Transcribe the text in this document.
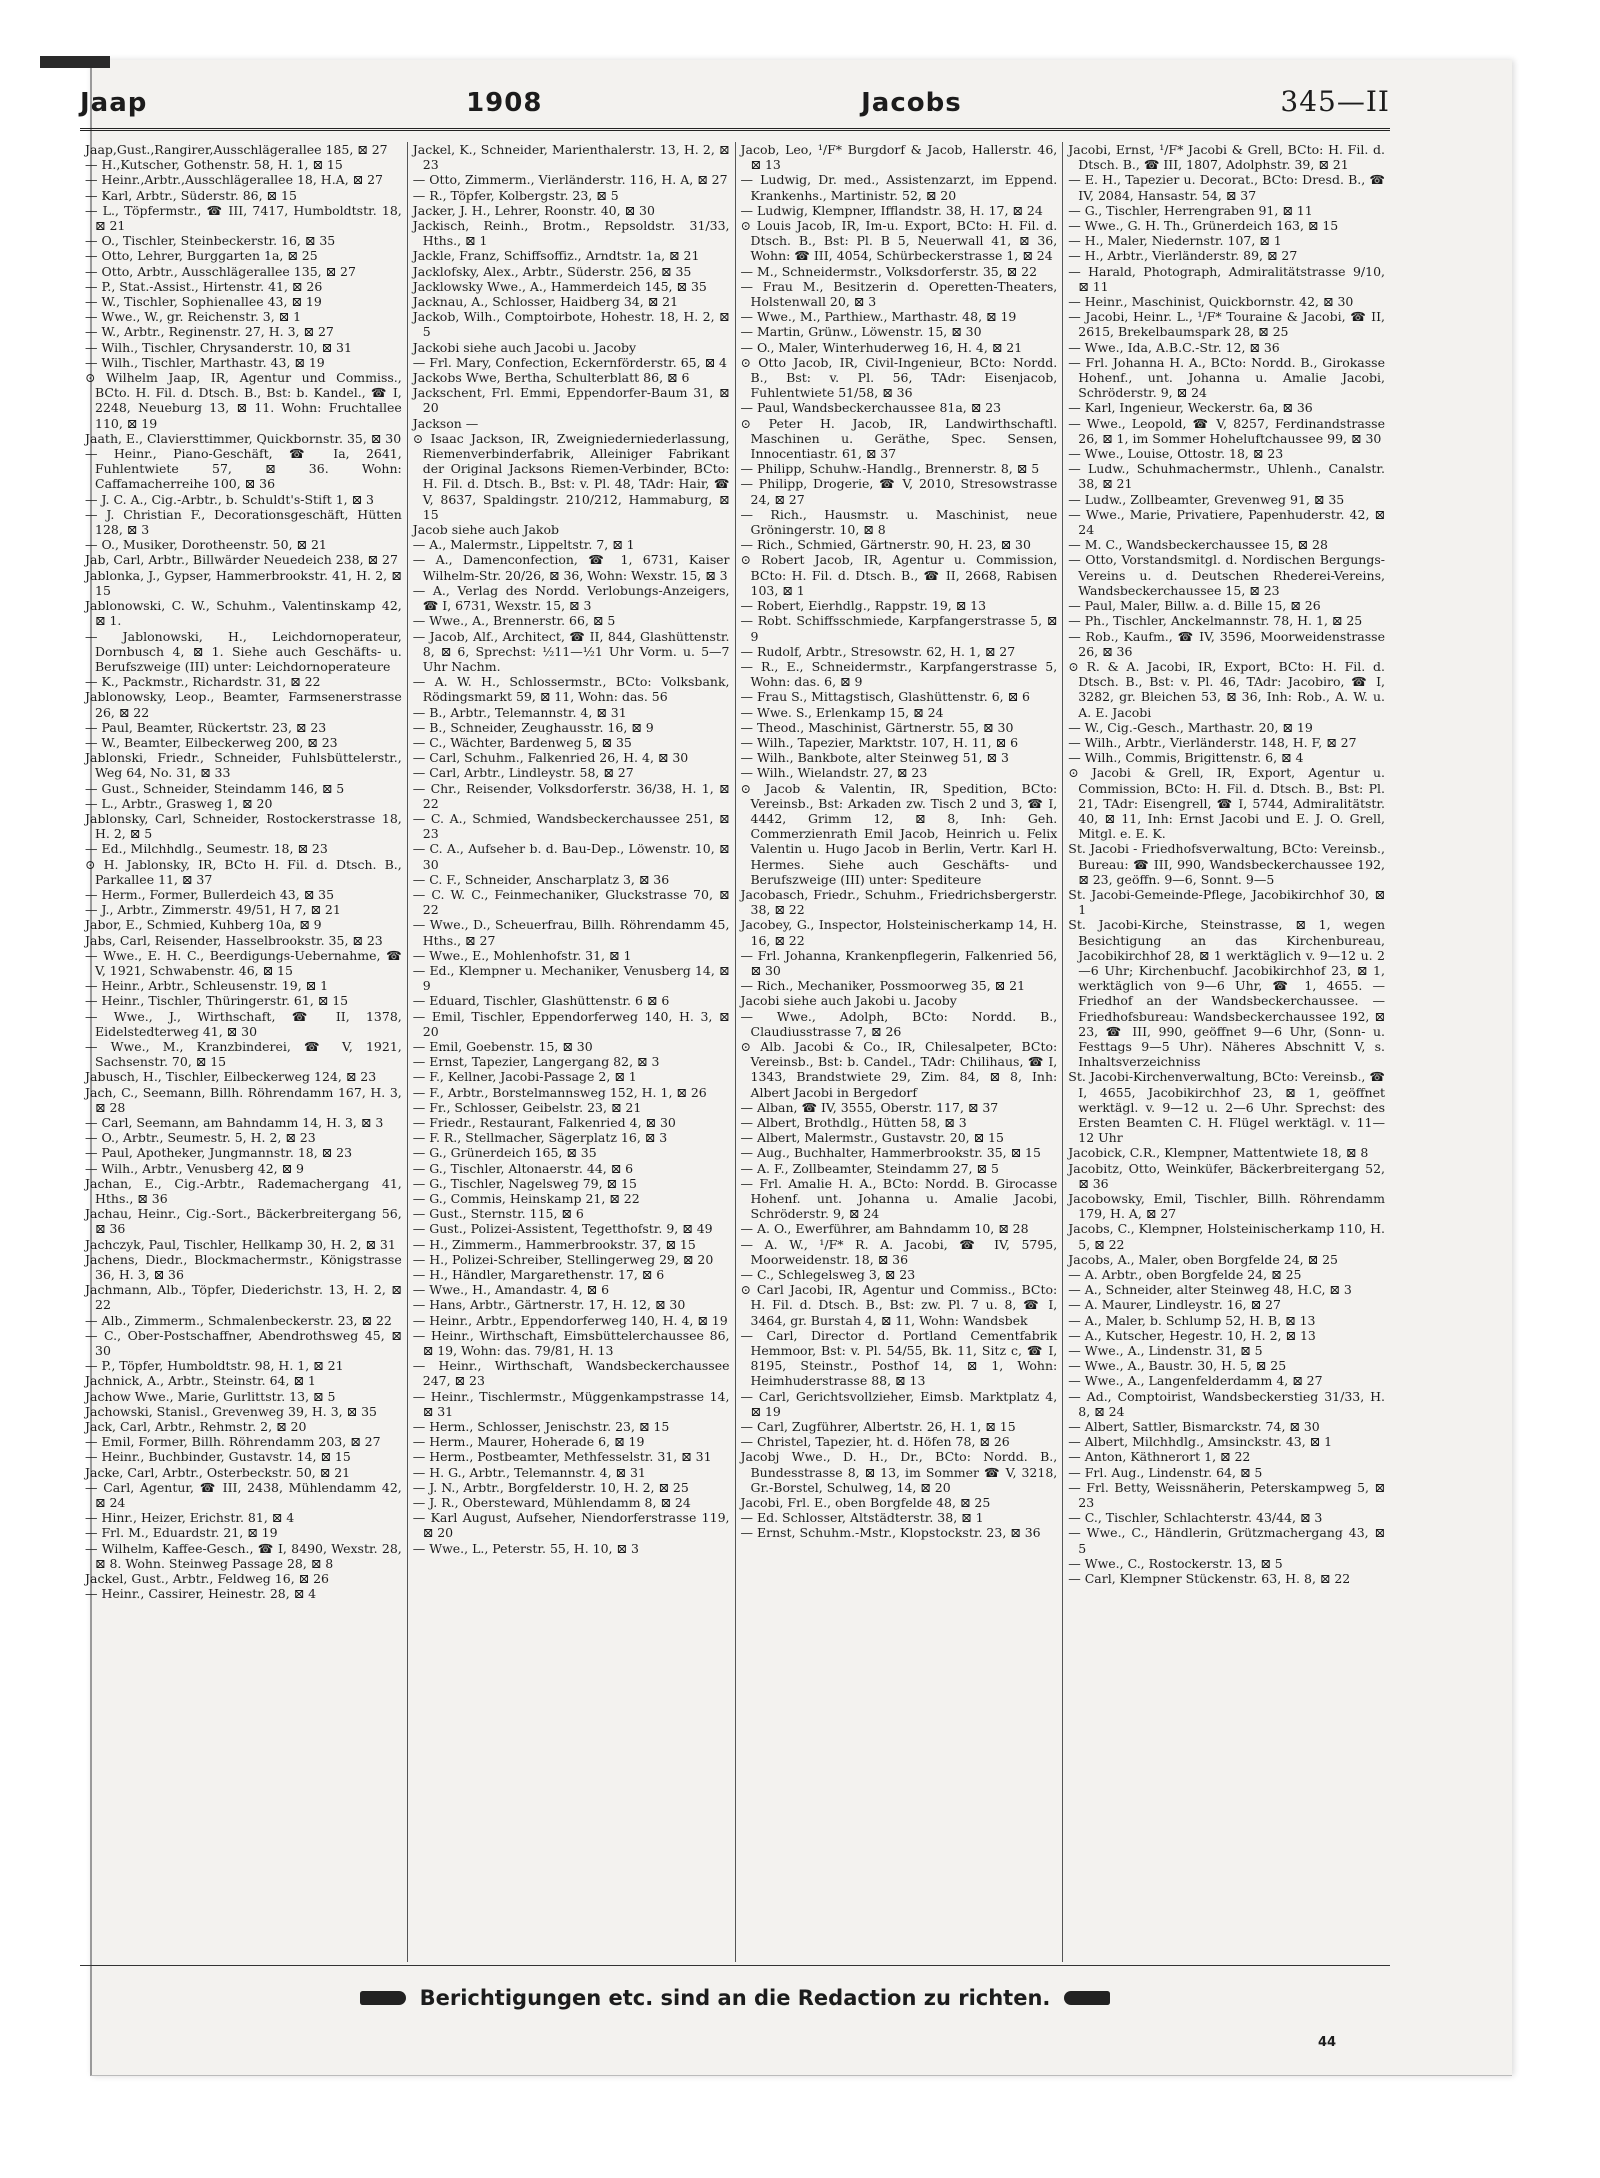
Jaap	1908	Jacobs	345—II

Jaap,Gust.,Rangirer,Ausschlägerallee 185, ⊠ 27

— H.,Kutscher, Gothenstr. 58, H. 1, ⊠ 15

— Heinr.,Arbtr.,Ausschlägerallee 18, H.A, ⊠ 27

— Karl, Arbtr., Süderstr. 86, ⊠ 15

— L., Töpfermstr., ☎ III, 7417, Humboldtstr. 18, ⊠ 21

— O., Tischler, Steinbeckerstr. 16, ⊠ 35

— Otto, Lehrer, Burggarten 1a, ⊠ 25

— Otto, Arbtr., Ausschlägerallee 135, ⊠ 27

— P., Stat.-Assist., Hirtenstr. 41, ⊠ 26

— W., Tischler, Sophienallee 43, ⊠ 19

— Wwe., W., gr. Reichenstr. 3, ⊠ 1

— W., Arbtr., Reginenstr. 27, H. 3, ⊠ 27

— Wilh., Tischler, Chrysanderstr. 10, ⊠ 31

— Wilh., Tischler, Marthastr. 43, ⊠ 19

⊙ Wilhelm Jaap, IR, Agentur und Commiss., BCto. H. Fil. d. Dtsch. B., Bst: b. Kandel., ☎ I, 2248, Neueburg 13, ⊠ 11. Wohn: Fruchtallee 110, ⊠ 19

Jaath, E., Claviersttimmer, Quickbornstr. 35, ⊠ 30

— Heinr., Piano-Geschäft, ☎ Ia, 2641, Fuhlentwiete 57, ⊠ 36. Wohn: Caffamacherreihe 100, ⊠ 36

— J. C. A., Cig.-Arbtr., b. Schuldt's-Stift 1, ⊠ 3

— J. Christian F., Decorationsgeschäft, Hütten 128, ⊠ 3

— O., Musiker, Dorotheenstr. 50, ⊠ 21

Jab, Carl, Arbtr., Billwärder Neuedeich 238, ⊠ 27

Jablonka, J., Gypser, Hammerbrookstr. 41, H. 2, ⊠ 15

Jablonowski, C. W., Schuhm., Valentinskamp 42, ⊠ 1.

— Jablonowski, H., Leichdornoperateur, Dornbusch 4, ⊠ 1. Siehe auch Geschäfts- u. Berufszweige (III) unter: Leichdornoperateure

— K., Packmstr., Richardstr. 31, ⊠ 22

Jablonowsky, Leop., Beamter, Farmsenerstrasse 26, ⊠ 22

— Paul, Beamter, Rückertstr. 23, ⊠ 23

— W., Beamter, Eilbeckerweg 200, ⊠ 23

Jablonski, Friedr., Schneider, Fuhlsbüttelerstr., Weg 64, No. 31, ⊠ 33

— Gust., Schneider, Steindamm 146, ⊠ 5

— L., Arbtr., Grasweg 1, ⊠ 20

Jablonsky, Carl, Schneider, Rostockerstrasse 18, H. 2, ⊠ 5

— Ed., Milchhdlg., Seumestr. 18, ⊠ 23

⊙ H. Jablonsky, IR, BCto H. Fil. d. Dtsch. B., Parkallee 11, ⊠ 37

— Herm., Former, Bullerdeich 43, ⊠ 35

— J., Arbtr., Zimmerstr. 49/51, H 7, ⊠ 21

Jabor, E., Schmied, Kuhberg 10a, ⊠ 9

Jabs, Carl, Reisender, Hasselbrookstr. 35, ⊠ 23

— Wwe., E. H. C., Beerdigungs-Uebernahme, ☎ V, 1921, Schwabenstr. 46, ⊠ 15

— Heinr., Arbtr., Schleusenstr. 19, ⊠ 1

— Heinr., Tischler, Thüringerstr. 61, ⊠ 15

— Wwe., J., Wirthschaft, ☎ II, 1378, Eidelstedterweg 41, ⊠ 30

— Wwe., M., Kranzbinderei, ☎ V, 1921, Sachsenstr. 70, ⊠ 15

Jabusch, H., Tischler, Eilbeckerweg 124, ⊠ 23

Jach, C., Seemann, Billh. Röhrendamm 167, H. 3, ⊠ 28

— Carl, Seemann, am Bahndamm 14, H. 3, ⊠ 3

— O., Arbtr., Seumestr. 5, H. 2, ⊠ 23

— Paul, Apotheker, Jungmannstr. 18, ⊠ 23

— Wilh., Arbtr., Venusberg 42, ⊠ 9

Jachan, E., Cig.-Arbtr., Rademachergang 41, Hths., ⊠ 36

Jachau, Heinr., Cig.-Sort., Bäckerbreitergang 56, ⊠ 36

Jachczyk, Paul, Tischler, Hellkamp 30, H. 2, ⊠ 31

Jachens, Diedr., Blockmachermstr., Königstrasse 36, H. 3, ⊠ 36

Jachmann, Alb., Töpfer, Diederichstr. 13, H. 2, ⊠ 22

— Alb., Zimmerm., Schmalenbeckerstr. 23, ⊠ 22

— C., Ober-Postschaffner, Abendrothsweg 45, ⊠ 30

— P., Töpfer, Humboldtstr. 98, H. 1, ⊠ 21

Jachnick, A., Arbtr., Steinstr. 64, ⊠ 1

Jachow Wwe., Marie, Gurlittstr. 13, ⊠ 5

Jachowski, Stanisl., Grevenweg 39, H. 3, ⊠ 35

Jack, Carl, Arbtr., Rehmstr. 2, ⊠ 20

— Emil, Former, Billh. Röhrendamm 203, ⊠ 27

— Heinr., Buchbinder, Gustavstr. 14, ⊠ 15

Jacke, Carl, Arbtr., Osterbeckstr. 50, ⊠ 21

— Carl, Agentur, ☎ III, 2438, Mühlendamm 42, ⊠ 24

— Hinr., Heizer, Erichstr. 81, ⊠ 4

— Frl. M., Eduardstr. 21, ⊠ 19

— Wilhelm, Kaffee-Gesch., ☎ I, 8490, Wexstr. 28, ⊠ 8. Wohn. Steinweg Passage 28, ⊠ 8

Jackel, Gust., Arbtr., Feldweg 16, ⊠ 26

— Heinr., Cassirer, Heinestr. 28, ⊠ 4

Jackel, K., Schneider, Marienthalerstr. 13, H. 2, ⊠ 23

— Otto, Zimmerm., Vierländerstr. 116, H. A, ⊠ 27

— R., Töpfer, Kolbergstr. 23, ⊠ 5

Jacker, J. H., Lehrer, Roonstr. 40, ⊠ 30

Jackisch, Reinh., Brotm., Repsoldstr. 31/33, Hths., ⊠ 1

Jackle, Franz, Schiffsoffiz., Arndtstr. 1a, ⊠ 21

Jacklofsky, Alex., Arbtr., Süderstr. 256, ⊠ 35

Jacklowsky Wwe., A., Hammerdeich 145, ⊠ 35

Jacknau, A., Schlosser, Haidberg 34, ⊠ 21

Jackob, Wilh., Comptoirbote, Hohestr. 18, H. 2, ⊠ 5

Jackobi siehe auch Jacobi u. Jacoby

— Frl. Mary, Confection, Eckernförderstr. 65, ⊠ 4

Jackobs Wwe, Bertha, Schulterblatt 86, ⊠ 6

Jackschent, Frl. Emmi, Eppendorfer-Baum 31, ⊠ 20

Jackson —

⊙ Isaac Jackson, IR, Zweigniederniederlassung, Riemenverbinderfabrik, Alleiniger Fabrikant der Original Jacksons Riemen-Verbinder, BCto: H. Fil. d. Dtsch. B., Bst: v. Pl. 48, TAdr: Hair, ☎ V, 8637, Spaldingstr. 210/212, Hammaburg, ⊠ 15

Jacob siehe auch Jakob

— A., Malermstr., Lippeltstr. 7, ⊠ 1

— A., Damenconfection, ☎ 1, 6731, Kaiser Wilhelm-Str. 20/26, ⊠ 36, Wohn: Wexstr. 15, ⊠ 3

— A., Verlag des Nordd. Verlobungs-Anzeigers, ☎ I, 6731, Wexstr. 15, ⊠ 3

— Wwe., A., Brennerstr. 66, ⊠ 5

— Jacob, Alf., Architect, ☎ II, 844, Glashüttenstr. 8, ⊠ 6, Sprechst: ½11—½1 Uhr Vorm. u. 5—7 Uhr Nachm.

— A. W. H., Schlossermstr., BCto: Volksbank, Rödingsmarkt 59, ⊠ 11, Wohn: das. 56

— B., Arbtr., Telemannstr. 4, ⊠ 31

— B., Schneider, Zeughausstr. 16, ⊠ 9

— C., Wächter, Bardenweg 5, ⊠ 35

— Carl, Schuhm., Falkenried 26, H. 4, ⊠ 30

— Carl, Arbtr., Lindleystr. 58, ⊠ 27

— Chr., Reisender, Volksdorferstr. 36/38, H. 1, ⊠ 22

— C. A., Schmied, Wandsbeckerchaussee 251, ⊠ 23

— C. A., Aufseher b. d. Bau-Dep., Löwenstr. 10, ⊠ 30

— C. F., Schneider, Anscharplatz 3, ⊠ 36

— C. W. C., Feinmechaniker, Gluckstrasse 70, ⊠ 22

— Wwe., D., Scheuerfrau, Billh. Röhrendamm 45, Hths., ⊠ 27

— Wwe., E., Mohlenhofstr. 31, ⊠ 1

— Ed., Klempner u. Mechaniker, Venusberg 14, ⊠ 9

— Eduard, Tischler, Glashüttenstr. 6 ⊠ 6

— Emil, Tischler, Eppendorferweg 140, H. 3, ⊠ 20

— Emil, Goebenstr. 15, ⊠ 30

— Ernst, Tapezier, Langergang 82, ⊠ 3

— F., Kellner, Jacobi-Passage 2, ⊠ 1

— F., Arbtr., Borstelmannsweg 152, H. 1, ⊠ 26

— Fr., Schlosser, Geibelstr. 23, ⊠ 21

— Friedr., Restaurant, Falkenried 4, ⊠ 30

— F. R., Stellmacher, Sägerplatz 16, ⊠ 3

— G., Grünerdeich 165, ⊠ 35

— G., Tischler, Altonaerstr. 44, ⊠ 6

— G., Tischler, Nagelsweg 79, ⊠ 15

— G., Commis, Heinskamp 21, ⊠ 22

— Gust., Sternstr. 115, ⊠ 6

— Gust., Polizei-Assistent, Tegetthofstr. 9, ⊠ 49

— H., Zimmerm., Hammerbrookstr. 37, ⊠ 15

— H., Polizei-Schreiber, Stellingerweg 29, ⊠ 20

— H., Händler, Margarethenstr. 17, ⊠ 6

— Wwe., H., Amandastr. 4, ⊠ 6

— Hans, Arbtr., Gärtnerstr. 17, H. 12, ⊠ 30

— Heinr., Arbtr., Eppendorferweg 140, H. 4, ⊠ 19

— Heinr., Wirthschaft, Eimsbüttelerchaussee 86, ⊠ 19, Wohn: das. 79/81, H. 13

— Heinr., Wirthschaft, Wandsbeckerchaussee 247, ⊠ 23

— Heinr., Tischlermstr., Müggenkampstrasse 14, ⊠ 31

— Herm., Schlosser, Jenischstr. 23, ⊠ 15

— Herm., Maurer, Hoherade 6, ⊠ 19

— Herm., Postbeamter, Methfesselstr. 31, ⊠ 31

— H. G., Arbtr., Telemannstr. 4, ⊠ 31

— J. N., Arbtr., Borgfelderstr. 10, H. 2, ⊠ 25

— J. R., Obersteward, Mühlendamm 8, ⊠ 24

— Karl August, Aufseher, Niendorferstrasse 119, ⊠ 20

— Wwe., L., Peterstr. 55, H. 10, ⊠ 3

Jacob, Leo, ¹/F* Burgdorf & Jacob, Hallerstr. 46, ⊠ 13

— Ludwig, Dr. med., Assistenzarzt, im Eppend. Krankenhs., Martinistr. 52, ⊠ 20

— Ludwig, Klempner, Ifflandstr. 38, H. 17, ⊠ 24

⊙ Louis Jacob, IR, Im-u. Export, BCto: H. Fil. d. Dtsch. B., Bst: Pl. B 5, Neuerwall 41, ⊠ 36, Wohn: ☎ III, 4054, Schürbeckerstrasse 1, ⊠ 24

— M., Schneidermstr., Volksdorferstr. 35, ⊠ 22

— Frau M., Besitzerin d. Operetten-Theaters, Holstenwall 20, ⊠ 3

— Wwe., M., Parthiew., Marthastr. 48, ⊠ 19

— Martin, Grünw., Löwenstr. 15, ⊠ 30

— O., Maler, Winterhuderweg 16, H. 4, ⊠ 21

⊙ Otto Jacob, IR, Civil-Ingenieur, BCto: Nordd. B., Bst: v. Pl. 56, TAdr: Eisenjacob, Fuhlentwiete 51/58, ⊠ 36

— Paul, Wandsbeckerchaussee 81a, ⊠ 23

⊙ Peter H. Jacob, IR, Landwirthschaftl. Maschinen u. Geräthe, Spec. Sensen, Innocentiastr. 61, ⊠ 37

— Philipp, Schuhw.-Handlg., Brennerstr. 8, ⊠ 5

— Philipp, Drogerie, ☎ V, 2010, Stresowstrasse 24, ⊠ 27

— Rich., Hausmstr. u. Maschinist, neue Gröningerstr. 10, ⊠ 8

— Rich., Schmied, Gärtnerstr. 90, H. 23, ⊠ 30

⊙ Robert Jacob, IR, Agentur u. Commission, BCto: H. Fil. d. Dtsch. B., ☎ II, 2668, Rabisen 103, ⊠ 1

— Robert, Eierhdlg., Rappstr. 19, ⊠ 13

— Robt. Schiffsschmiede, Karpfangerstrasse 5, ⊠ 9

— Rudolf, Arbtr., Stresowstr. 62, H. 1, ⊠ 27

— R., E., Schneidermstr., Karpfangerstrasse 5, Wohn: das. 6, ⊠ 9

— Frau S., Mittagstisch, Glashüttenstr. 6, ⊠ 6

— Wwe. S., Erlenkamp 15, ⊠ 24

— Theod., Maschinist, Gärtnerstr. 55, ⊠ 30

— Wilh., Tapezier, Marktstr. 107, H. 11, ⊠ 6

— Wilh., Bankbote, alter Steinweg 51, ⊠ 3

— Wilh., Wielandstr. 27, ⊠ 23

⊙ Jacob & Valentin, IR, Spedition, BCto: Vereinsb., Bst: Arkaden zw. Tisch 2 und 3, ☎ I, 4442, Grimm 12, ⊠ 8, Inh: Geh. Commerzienrath Emil Jacob, Heinrich u. Felix Valentin u. Hugo Jacob in Berlin, Vertr. Karl H. Hermes. Siehe auch Geschäfts- und Berufszweige (III) unter: Spediteure

Jacobasch, Friedr., Schuhm., Friedrichsbergerstr. 38, ⊠ 22

Jacobey, G., Inspector, Holsteinischerkamp 14, H. 16, ⊠ 22

— Frl. Johanna, Krankenpflegerin, Falkenried 56, ⊠ 30

— Rich., Mechaniker, Possmoorweg 35, ⊠ 21

Jacobi siehe auch Jakobi u. Jacoby

— Wwe., Adolph, BCto: Nordd. B., Claudiusstrasse 7, ⊠ 26

⊙ Alb. Jacobi & Co., IR, Chilesalpeter, BCto: Vereinsb., Bst: b. Candel., TAdr: Chilihaus, ☎ I, 1343, Brandstwiete 29, Zim. 84, ⊠ 8, Inh: Albert Jacobi in Bergedorf

— Alban, ☎ IV, 3555, Oberstr. 117, ⊠ 37

— Albert, Brothdlg., Hütten 58, ⊠ 3

— Albert, Malermstr., Gustavstr. 20, ⊠ 15

— Aug., Buchhalter, Hammerbrookstr. 35, ⊠ 15

— A. F., Zollbeamter, Steindamm 27, ⊠ 5

— Frl. Amalie H. A., BCto: Nordd. B. Girocasse Hohenf. unt. Johanna u. Amalie Jacobi, Schröderstr. 9, ⊠ 24

— A. O., Ewerführer, am Bahndamm 10, ⊠ 28

— A. W., ¹/F* R. A. Jacobi, ☎ IV, 5795, Moorweidenstr. 18, ⊠ 36

— C., Schlegelsweg 3, ⊠ 23

⊙ Carl Jacobi, IR, Agentur und Commiss., BCto: H. Fil. d. Dtsch. B., Bst: zw. Pl. 7 u. 8, ☎ I, 3464, gr. Burstah 4, ⊠ 11, Wohn: Wandsbek

— Carl, Director d. Portland Cementfabrik Hemmoor, Bst: v. Pl. 54/55, Bk. 11, Sitz c, ☎ I, 8195, Steinstr., Posthof 14, ⊠ 1, Wohn: Heimhuderstrasse 88, ⊠ 13

— Carl, Gerichtsvollzieher, Eimsb. Marktplatz 4, ⊠ 19

— Carl, Zugführer, Albertstr. 26, H. 1, ⊠ 15

— Christel, Tapezier, ht. d. Höfen 78, ⊠ 26

Jacobj Wwe., D. H., Dr., BCto: Nordd. B., Bundesstrasse 8, ⊠ 13, im Sommer ☎ V, 3218, Gr.-Borstel, Schulweg, 14, ⊠ 20

Jacobi, Frl. E., oben Borgfelde 48, ⊠ 25

— Ed. Schlosser, Altstädterstr. 38, ⊠ 1

— Ernst, Schuhm.-Mstr., Klopstockstr. 23, ⊠ 36

Jacobi, Ernst, ¹/F* Jacobi & Grell, BCto: H. Fil. d. Dtsch. B., ☎ III, 1807, Adolphstr. 39, ⊠ 21

— E. H., Tapezier u. Decorat., BCto: Dresd. B., ☎ IV, 2084, Hansastr. 54, ⊠ 37

— G., Tischler, Herrengraben 91, ⊠ 11

— Wwe., G. H. Th., Grünerdeich 163, ⊠ 15

— H., Maler, Niedernstr. 107, ⊠ 1

— H., Arbtr., Vierländerstr. 89, ⊠ 27

— Harald, Photograph, Admiralitätstrasse 9/10, ⊠ 11

— Heinr., Maschinist, Quickbornstr. 42, ⊠ 30

— Jacobi, Heinr. L., ¹/F* Touraine & Jacobi, ☎ II, 2615, Brekelbaumspark 28, ⊠ 25

— Wwe., Ida, A.B.C.-Str. 12, ⊠ 36

— Frl. Johanna H. A., BCto: Nordd. B., Girokasse Hohenf., unt. Johanna u. Amalie Jacobi, Schröderstr. 9, ⊠ 24

— Karl, Ingenieur, Weckerstr. 6a, ⊠ 36

— Wwe., Leopold, ☎ V, 8257, Ferdinandstrasse 26, ⊠ 1, im Sommer Hoheluftchaussee 99, ⊠ 30

— Wwe., Louise, Ottostr. 18, ⊠ 23

— Ludw., Schuhmachermstr., Uhlenh., Canalstr. 38, ⊠ 21

— Ludw., Zollbeamter, Grevenweg 91, ⊠ 35

— Wwe., Marie, Privatiere, Papenhuderstr. 42, ⊠ 24

— M. C., Wandsbeckerchaussee 15, ⊠ 28

— Otto, Vorstandsmitgl. d. Nordischen Bergungs-Vereins u. d. Deutschen Rhederei-Vereins, Wandsbeckerchaussee 15, ⊠ 23

— Paul, Maler, Billw. a. d. Bille 15, ⊠ 26

— Ph., Tischler, Anckelmannstr. 78, H. 1, ⊠ 25

— Rob., Kaufm., ☎ IV, 3596, Moorweidenstrasse 26, ⊠ 36

⊙ R. & A. Jacobi, IR, Export, BCto: H. Fil. d. Dtsch. B., Bst: v. Pl. 46, TAdr: Jacobiro, ☎ I, 3282, gr. Bleichen 53, ⊠ 36, Inh: Rob., A. W. u. A. E. Jacobi

— W., Cig.-Gesch., Marthastr. 20, ⊠ 19

— Wilh., Arbtr., Vierländerstr. 148, H. F, ⊠ 27

— Wilh., Commis, Brigittenstr. 6, ⊠ 4

⊙ Jacobi & Grell, IR, Export, Agentur u. Commission, BCto: H. Fil. d. Dtsch. B., Bst: Pl. 21, TAdr: Eisengrell, ☎ I, 5744, Admiralitätstr. 40, ⊠ 11, Inh: Ernst Jacobi und E. J. O. Grell, Mitgl. e. E. K.

St. Jacobi - Friedhofsverwaltung, BCto: Vereinsb., Bureau: ☎ III, 990, Wandsbeckerchaussee 192, ⊠ 23, geöffn. 9—6, Sonnt. 9—5

St. Jacobi-Gemeinde-Pflege, Jacobikirchhof 30, ⊠ 1

St. Jacobi-Kirche, Steinstrasse, ⊠ 1, wegen Besichtigung an das Kirchenbureau, Jacobikirchhof 28, ⊠ 1 werktäglich v. 9—12 u. 2—6 Uhr; Kirchenbuchf. Jacobikirchhof 23, ⊠ 1, werktäglich von 9—6 Uhr, ☎ 1, 4655. — Friedhof an der Wandsbeckerchaussee. — Friedhofsbureau: Wandsbeckerchaussee 192, ⊠ 23, ☎ III, 990, geöffnet 9—6 Uhr, (Sonn- u. Festtags 9—5 Uhr). Näheres Abschnitt V, s. Inhaltsverzeichniss

St. Jacobi-Kirchenverwaltung, BCto: Vereinsb., ☎ I, 4655, Jacobikirchhof 23, ⊠ 1, geöffnet werktägl. v. 9—12 u. 2—6 Uhr. Sprechst: des Ersten Beamten C. H. Flügel werktägl. v. 11—12 Uhr

Jacobick, C.R., Klempner, Mattentwiete 18, ⊠ 8

Jacobitz, Otto, Weinküfer, Bäckerbreitergang 52, ⊠ 36

Jacobowsky, Emil, Tischler, Billh. Röhrendamm 179, H. A, ⊠ 27

Jacobs, C., Klempner, Holsteinischerkamp 110, H. 5, ⊠ 22

Jacobs, A., Maler, oben Borgfelde 24, ⊠ 25

— A. Arbtr., oben Borgfelde 24, ⊠ 25

— A., Schneider, alter Steinweg 48, H.C, ⊠ 3

— A. Maurer, Lindleystr. 16, ⊠ 27

— A., Maler, b. Schlump 52, H. B, ⊠ 13

— A., Kutscher, Hegestr. 10, H. 2, ⊠ 13

— Wwe., A., Lindenstr. 31, ⊠ 5

— Wwe., A., Baustr. 30, H. 5, ⊠ 25

— Wwe., A., Langenfelderdamm 4, ⊠ 27

— Ad., Comptoirist, Wandsbeckerstieg 31/33, H. 8, ⊠ 24

— Albert, Sattler, Bismarckstr. 74, ⊠ 30

— Albert, Milchhdlg., Amsinckstr. 43, ⊠ 1

— Anton, Käthnerort 1, ⊠ 22

— Frl. Aug., Lindenstr. 64, ⊠ 5

— Frl. Betty, Weissnäherin, Peterskampweg 5, ⊠ 23

— C., Tischler, Schlachterstr. 43/44, ⊠ 3

— Wwe., C., Händlerin, Grützmachergang 43, ⊠ 5

— Wwe., C., Rostockerstr. 13, ⊠ 5

— Carl, Klempner Stückenstr. 63, H. 8, ⊠ 22

Berichtigungen etc. sind an die Redaction zu richten.
44
